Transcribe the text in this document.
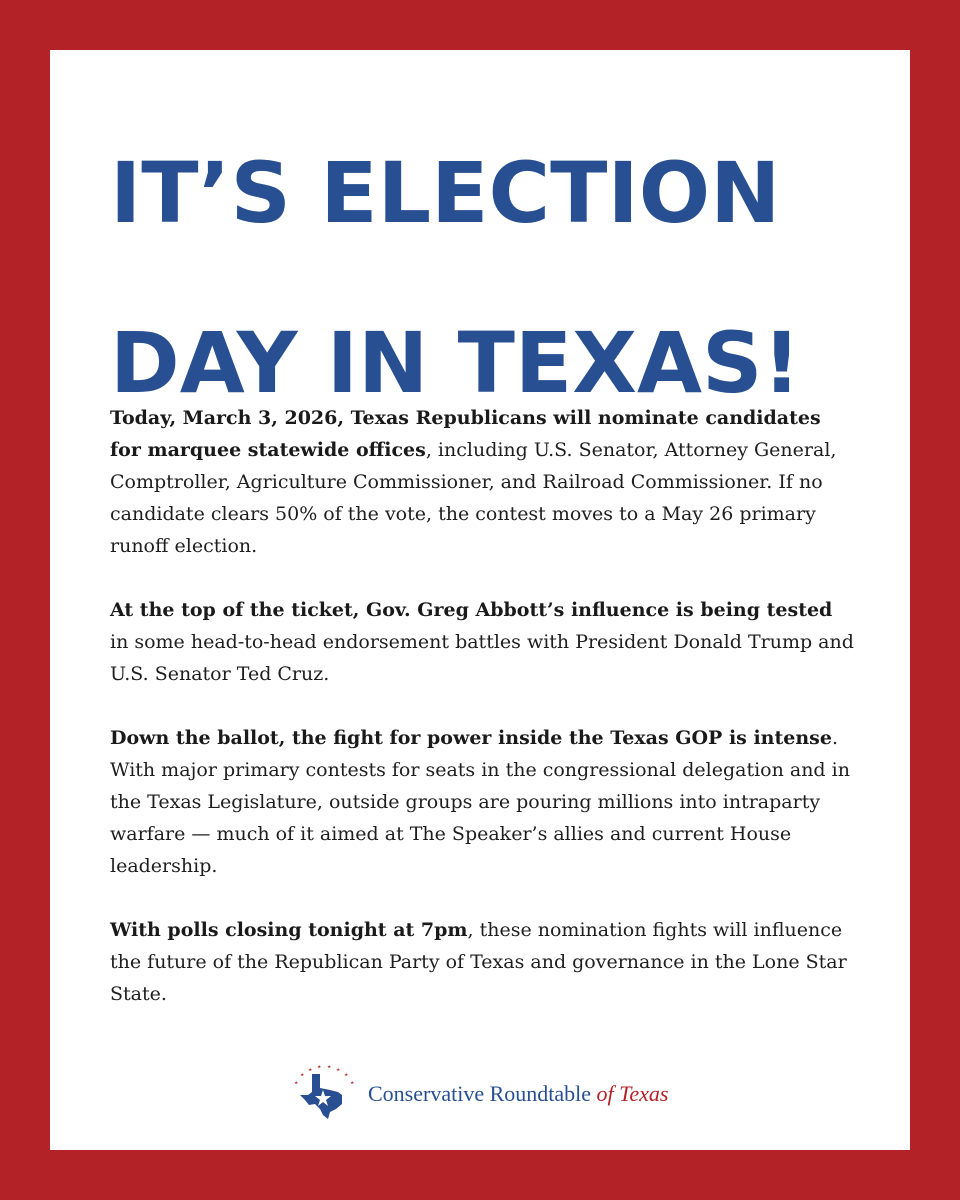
IT’S ELECTION
DAY IN TEXAS!

Today, March 3, 2026, Texas Republicans will nominate candidates for marquee statewide offices, including U.S. Senator, Attorney General, Comptroller, Agriculture Commissioner, and Railroad Commissioner. If no candidate clears 50% of the vote, the contest moves to a May 26 primary runoff election.

At the top of the ticket, Gov. Greg Abbott’s influence is being tested in some head-to-head endorsement battles with President Donald Trump and U.S. Senator Ted Cruz.

Down the ballot, the fight for power inside the Texas GOP is intense. With major primary contests for seats in the congressional delegation and in the Texas Legislature, outside groups are pouring millions into intraparty warfare — much of it aimed at The Speaker’s allies and current House leadership.

With polls closing tonight at 7pm, these nomination fights will influence the future of the Republican Party of Texas and governance in the Lone Star State.

Conservative Roundtable of Texas
